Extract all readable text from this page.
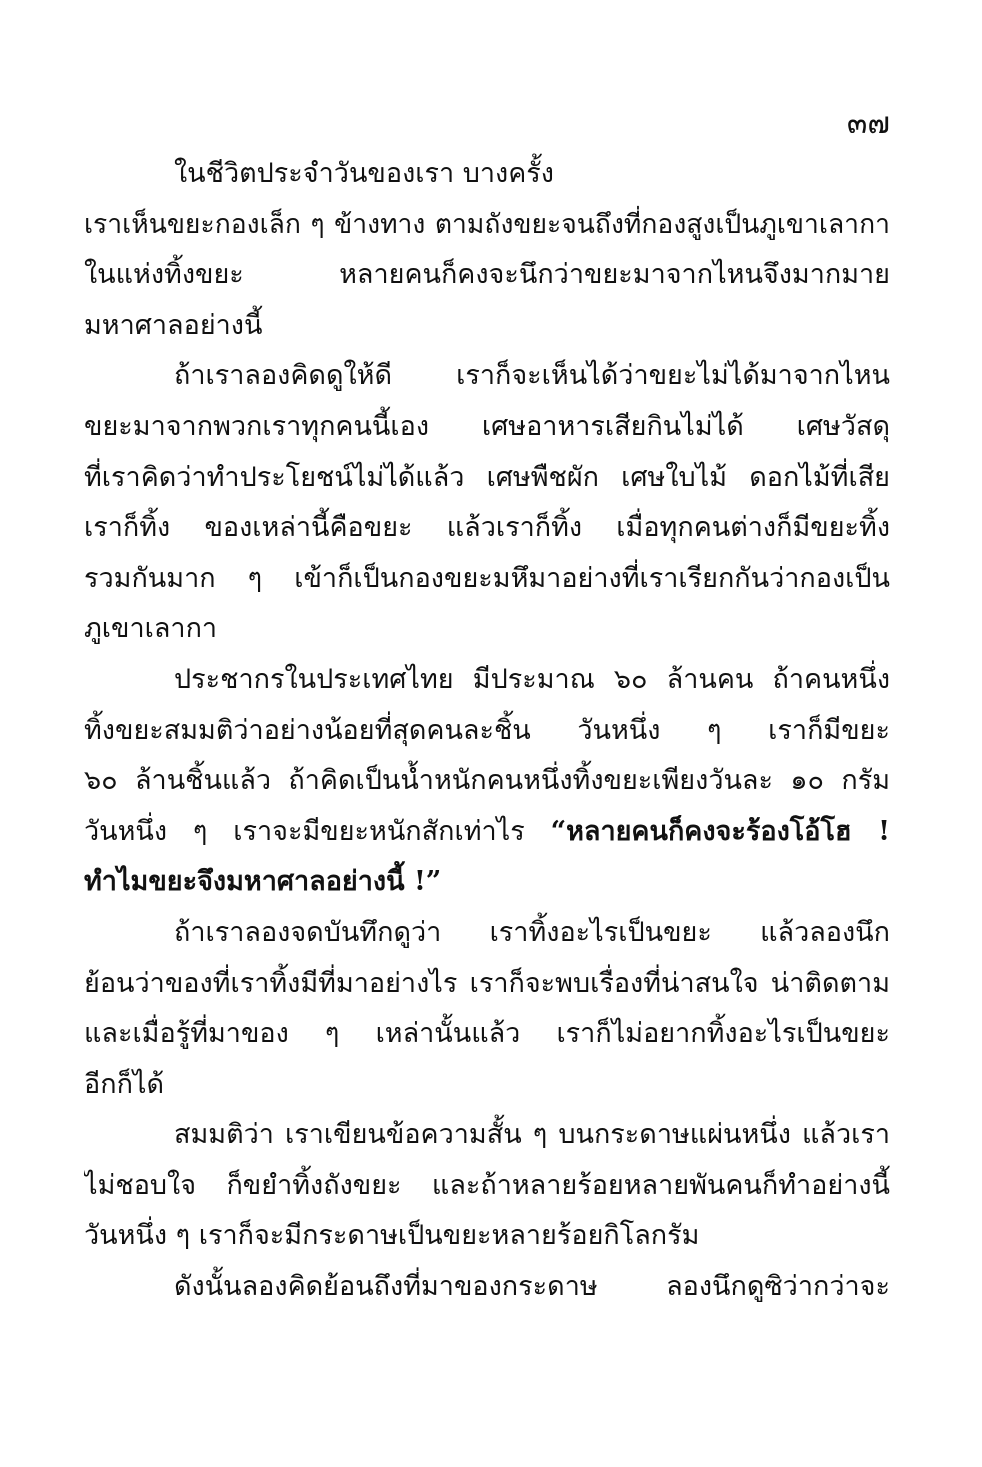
๓๗
ในชีวิตประจำวันของเรา บางครั้ง
เราเห็นขยะกองเล็ก ๆ ข้างทาง ตามถังขยะจนถึงที่กองสูงเป็นภูเขาเลากา
ในแห่งทิ้งขยะ หลายคนก็คงจะนึกว่าขยะมาจากไหนจึงมากมาย
มหาศาลอย่างนี้
ถ้าเราลองคิดดูให้ดี เราก็จะเห็นได้ว่าขยะไม่ได้มาจากไหน
ขยะมาจากพวกเราทุกคนนี้เอง เศษอาหารเสียกินไม่ได้ เศษวัสดุ
ที่เราคิดว่าทำประโยชน์ไม่ได้แล้ว เศษพืชผัก เศษใบไม้ ดอกไม้ที่เสีย
เราก็ทิ้ง ของเหล่านี้คือขยะ แล้วเราก็ทิ้ง เมื่อทุกคนต่างก็มีขยะทิ้ง
รวมกันมาก ๆ เข้าก็เป็นกองขยะมหึมาอย่างที่เราเรียกกันว่ากองเป็น
ภูเขาเลากา
ประชากรในประเทศไทย มีประมาณ ๖๐ ล้านคน ถ้าคนหนึ่ง
ทิ้งขยะสมมติว่าอย่างน้อยที่สุดคนละชิ้น วันหนึ่ง ๆ เราก็มีขยะ
๖๐ ล้านชิ้นแล้ว ถ้าคิดเป็นน้ำหนักคนหนึ่งทิ้งขยะเพียงวันละ ๑๐ กรัม
วันหนึ่ง ๆ เราจะมีขยะหนักสักเท่าไร “หลายคนก็คงจะร้องโอ้โฮ !
ทำไมขยะจึงมหาศาลอย่างนี้ !”
ถ้าเราลองจดบันทึกดูว่า เราทิ้งอะไรเป็นขยะ แล้วลองนึก
ย้อนว่าของที่เราทิ้งมีที่มาอย่างไร เราก็จะพบเรื่องที่น่าสนใจ น่าติดตาม
และเมื่อรู้ที่มาของ ๆ เหล่านั้นแล้ว เราก็ไม่อยากทิ้งอะไรเป็นขยะ
อีกก็ได้
สมมติว่า เราเขียนข้อความสั้น ๆ บนกระดาษแผ่นหนึ่ง แล้วเรา
ไม่ชอบใจ ก็ขยำทิ้งถังขยะ และถ้าหลายร้อยหลายพันคนก็ทำอย่างนี้
วันหนึ่ง ๆ เราก็จะมีกระดาษเป็นขยะหลายร้อยกิโลกรัม
ดังนั้นลองคิดย้อนถึงที่มาของกระดาษ ลองนึกดูซิว่ากว่าจะ
